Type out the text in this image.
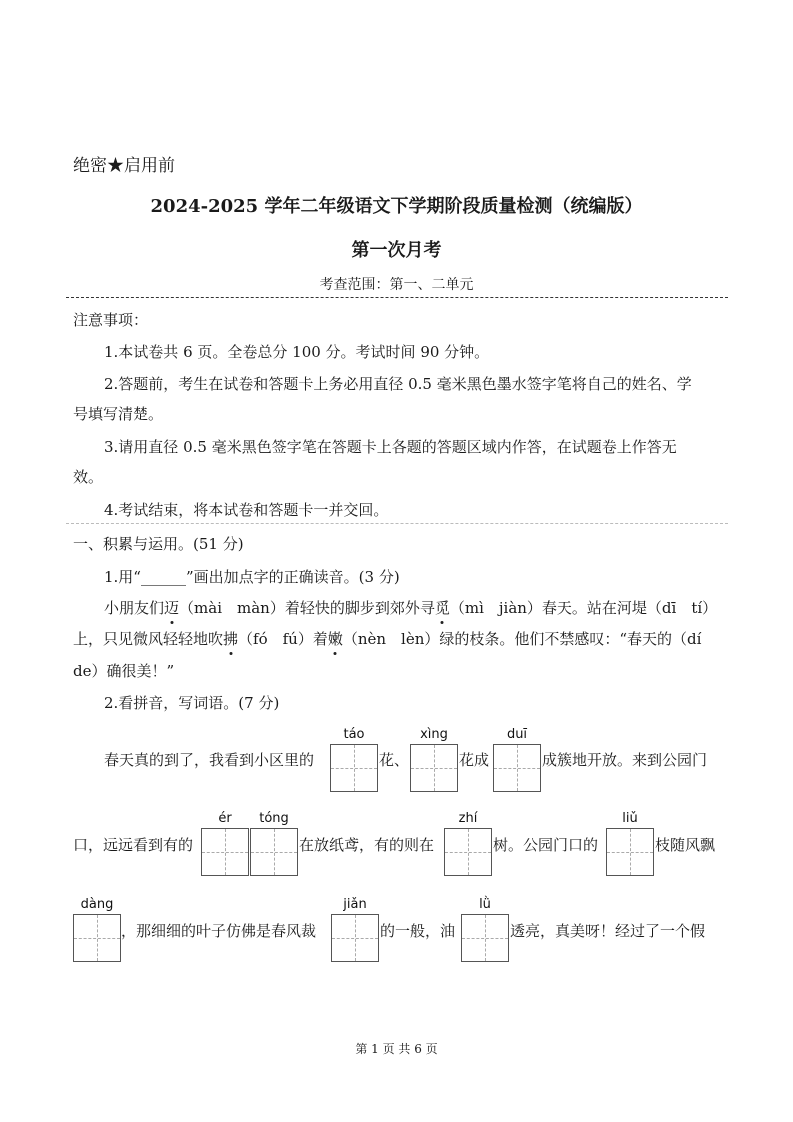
绝密★启用前
2024-2025 学年二年级语文下学期阶段质量检测（统编版）
第一次月考
考查范围：第一、二单元
注意事项：
1.本试卷共 6 页。全卷总分 100 分。考试时间 90 分钟。
2.答题前，考生在试卷和答题卡上务必用直径 0.5 毫米黑色墨水签字笔将自己的姓名、学
号填写清楚。
3.请用直径 0.5 毫米黑色签字笔在答题卡上各题的答题区域内作答，在试题卷上作答无
效。
4.考试结束，将本试卷和答题卡一并交回。
一、积累与运用。(51 分)
1.用“______”画出加点字的正确读音。(3 分)
小朋友们迈（mài　màn）着轻快的脚步到郊外寻觅（mì　jiàn）春天。站在河堤（dī　tí）
上，只见微风轻轻地吹拂（fó　fú）着嫩（nèn　lèn）绿的枝条。他们不禁感叹：“春天的（dí
de）确很美！”
2.看拼音，写词语。(7 分)
táo	xìng	duī
春天真的到了，我看到小区里的	花、	花成	成簇地开放。来到公园门
ér	tóng	zhí	liǔ
口，远远看到有的	在放纸鸢，有的则在	树。公园门口的	枝随风飘
dàng	jiǎn	lǜ
，那细细的叶子仿佛是春风裁	的一般，油	透亮，真美呀！经过了一个假
第 1 页 共 6 页
